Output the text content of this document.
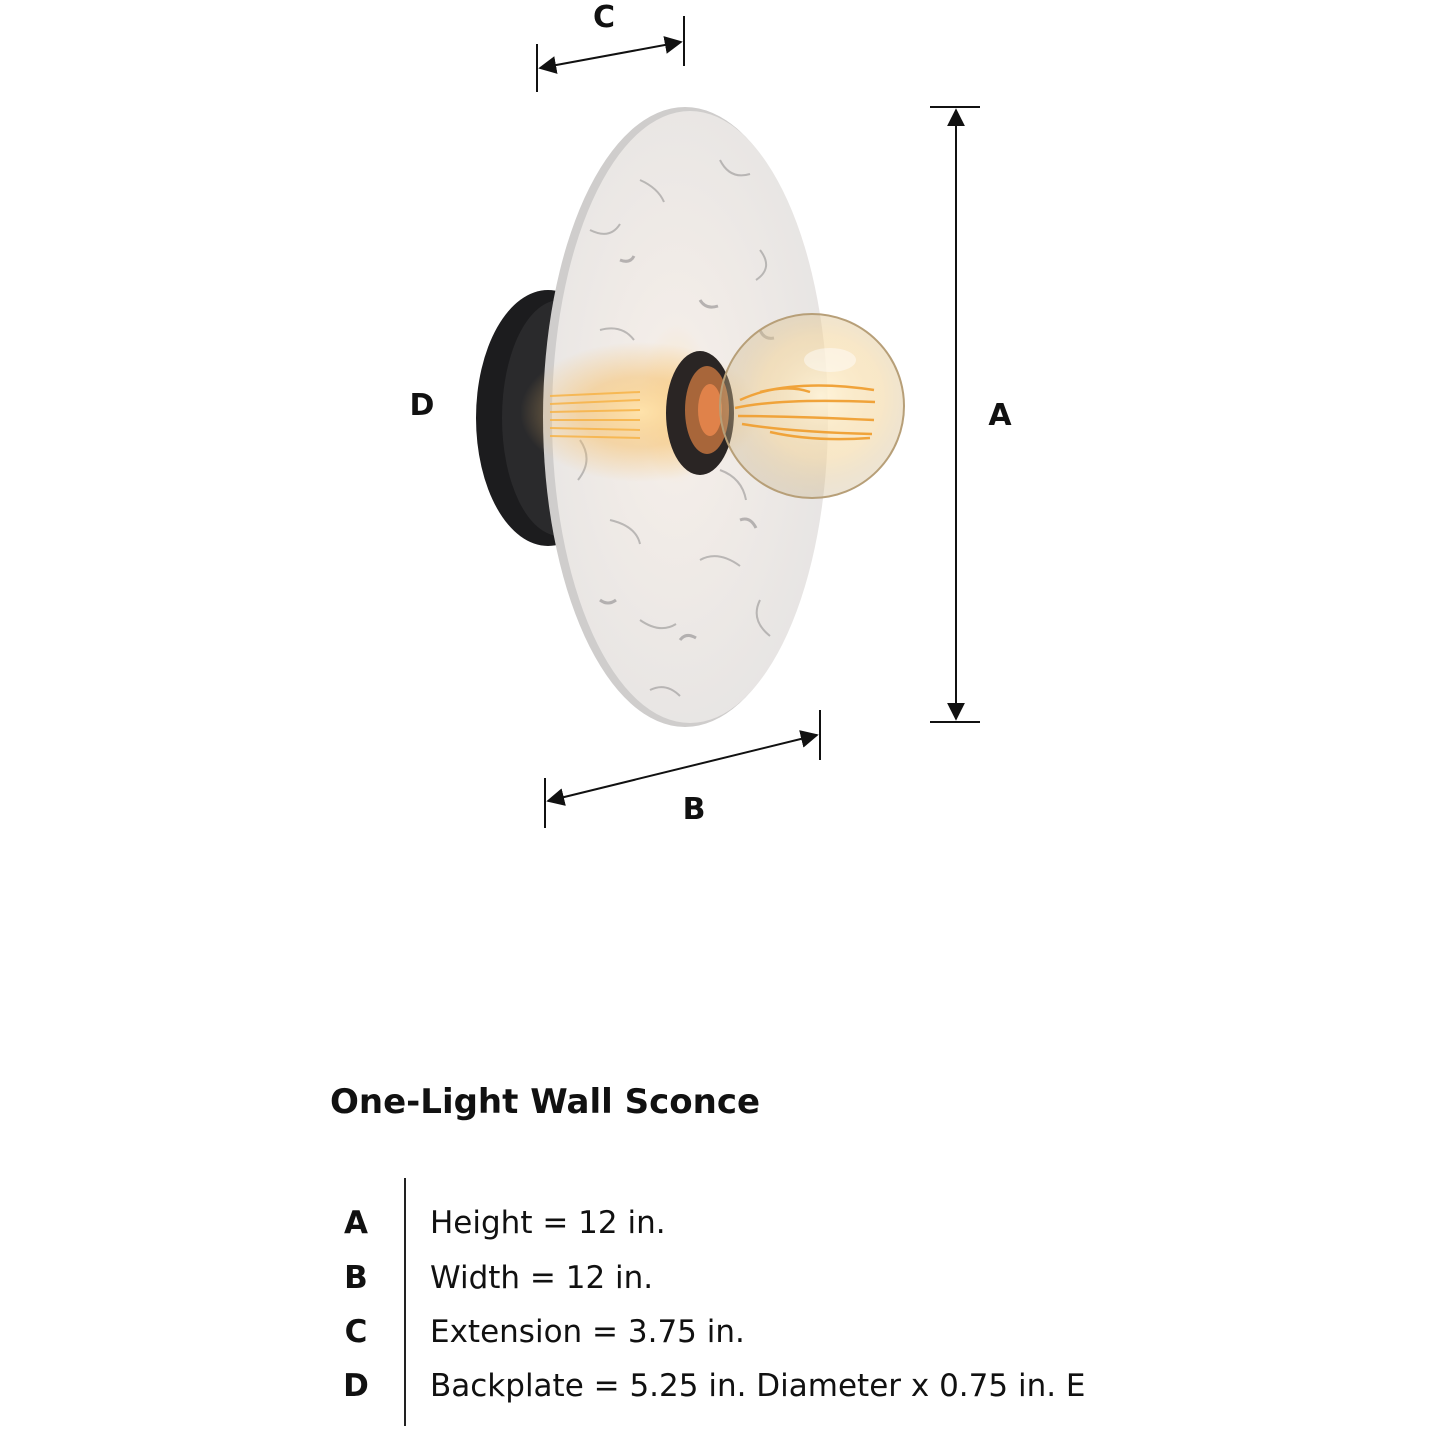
C
D	A
B
One-Light Wall Sconce
A	Height = 12 in.
B	Width = 12 in.
C	Extension = 3.75 in.
D	Backplate = 5.25 in. Diameter x 0.75 in. E
